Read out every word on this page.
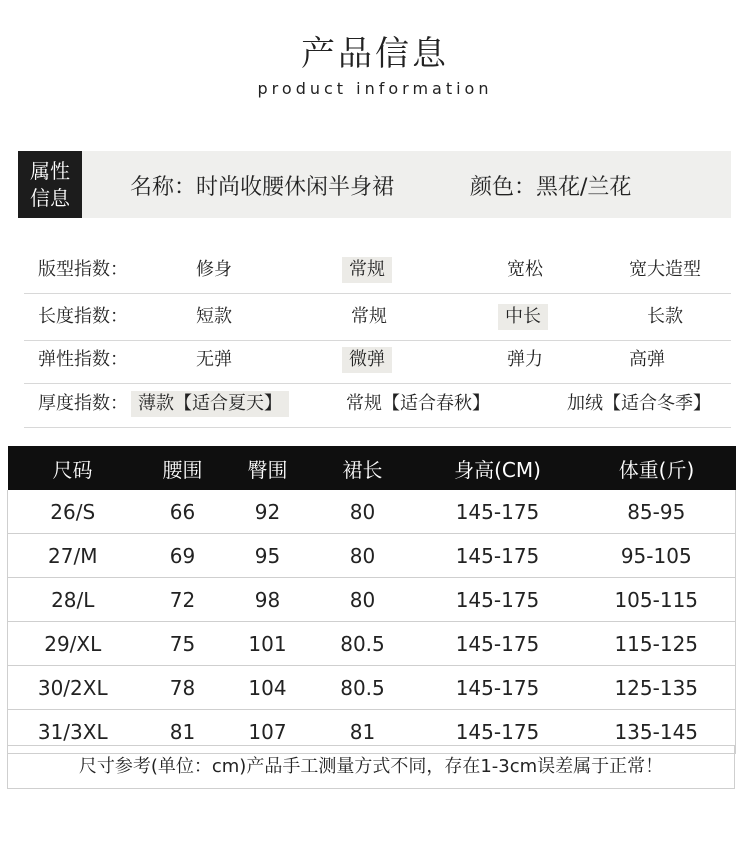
产品信息
product information
属性信息	名称：时尚收腰休闲半身裙	颜色：黑花/兰花
版型指数：	修身	常规	宽松	宽大造型
长度指数：	短款	常规	中长	长款
弹性指数：	无弹	微弹	弹力	高弹
厚度指数： 薄款【适合夏天】	常规【适合春秋】	加绒【适合冬季】
尺码	腰围	臀围	裙长	身高(CM)	体重(斤)
26/S	66	92	80	145-175	85-95
27/M	69	95	80	145-175	95-105
28/L	72	98	80	145-175	105-115
29/XL	75	101	80.5	145-175	115-125
30/2XL	78	104	80.5	145-175	125-135
31/3XL	81	107	81	145-175	135-145
尺寸参考(单位：cm)产品手工测量方式不同，存在1-3cm误差属于正常！
